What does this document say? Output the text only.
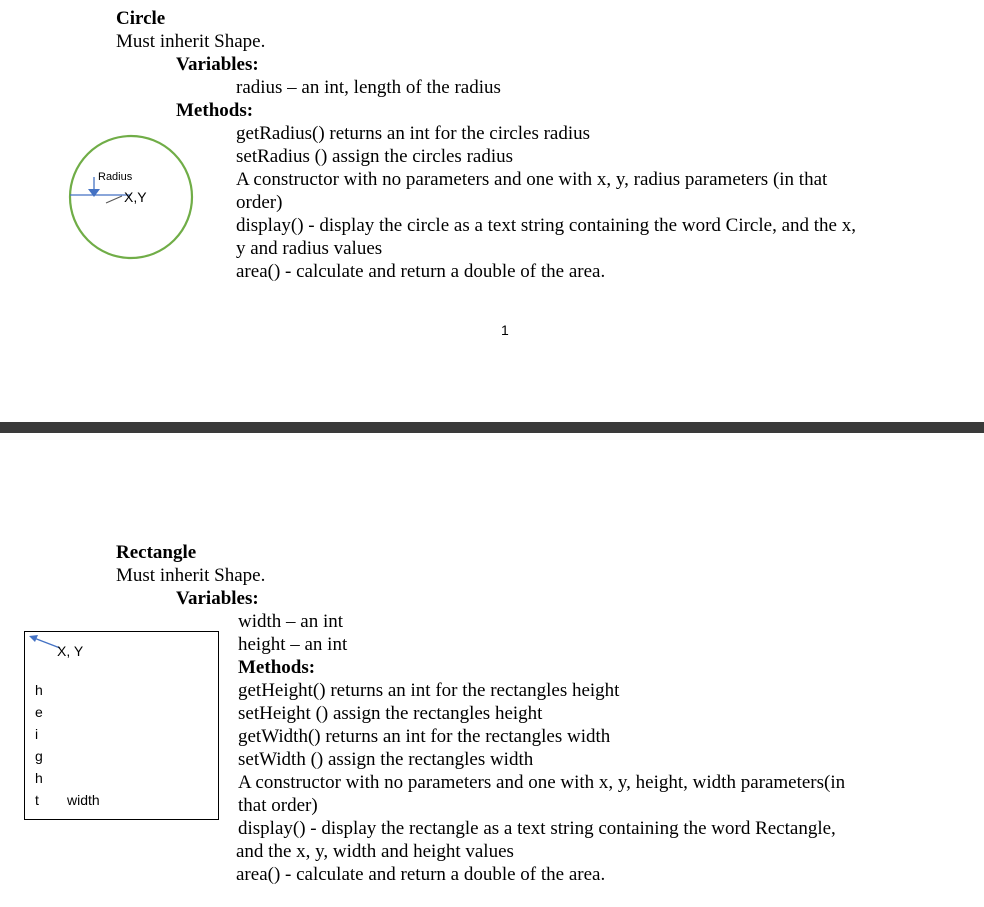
Circle
Must inherit Shape.
Variables:
radius – an int, length of the radius
Methods:
getRadius() returns an int for the circles radius
setRadius () assign the circles radius
A constructor with no parameters and one with x, y, radius parameters (in that
order)
display() - display the circle as a text string containing the word Circle, and the x,
y and radius values
area() - calculate and return a double of the area.
Radius
X,Y
1
Rectangle
Must inherit Shape.
Variables:
width – an int
height – an int
Methods:
getHeight() returns an int for the rectangles height
setHeight () assign the rectangles height
getWidth() returns an int for the rectangles width
setWidth () assign the rectangles width
A constructor with no parameters and one with x, y, height, width parameters(in
that order)
display() - display the rectangle as a text string containing the word Rectangle,
and the x, y, width and height values
area() - calculate and return a double of the area.
X, Y
h
e
i
g
h
t width
